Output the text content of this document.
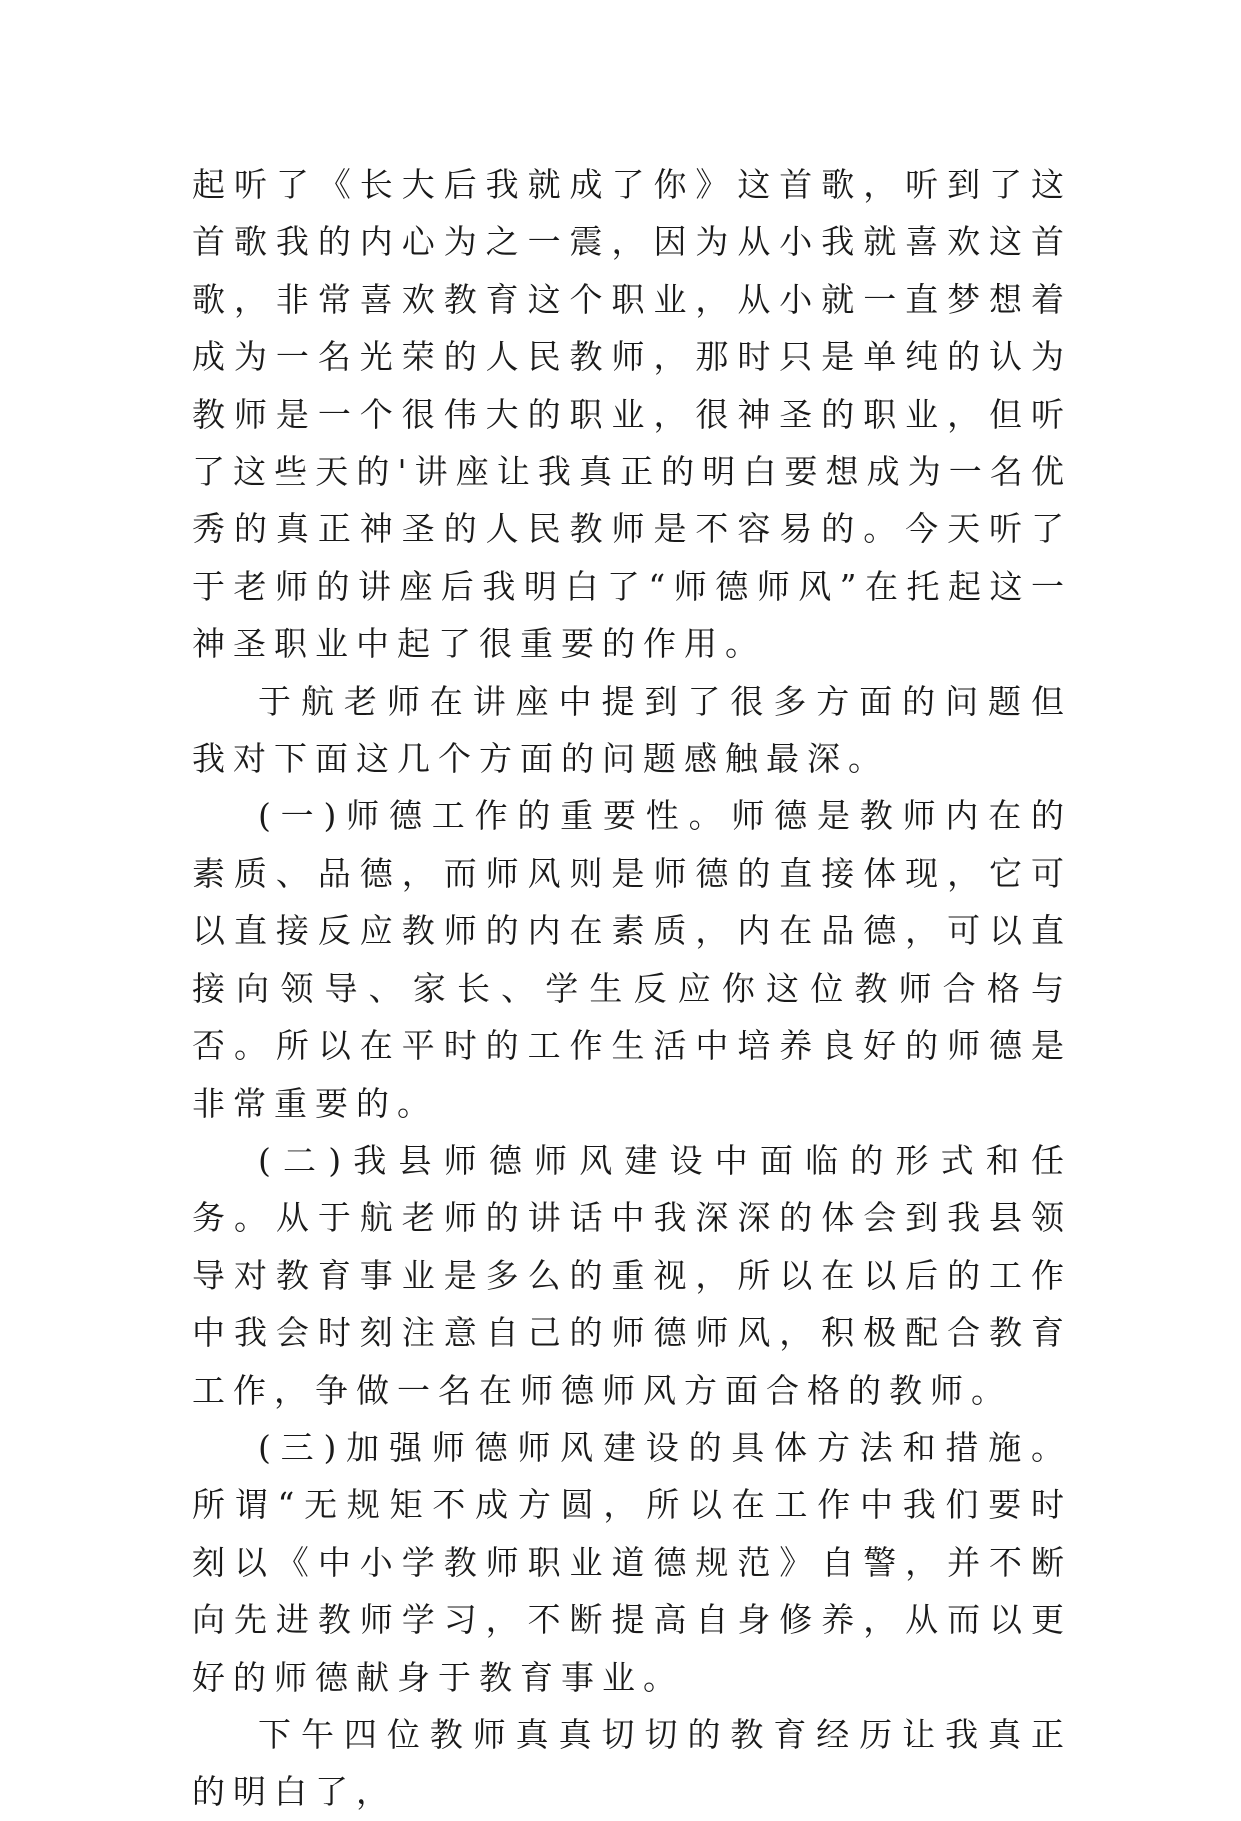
起听了《长大后我就成了你》这首歌，听到了这首歌我的内心为之一震，因为从小我就喜欢这首歌，非常喜欢教育这个职业，从小就一直梦想着成为一名光荣的人民教师，那时只是单纯的认为教师是一个很伟大的职业，很神圣的职业，但听了这些天的'讲座让我真正的明白要想成为一名优秀的真正神圣的人民教师是不容易的。今天听了于老师的讲座后我明白了“师德师风”在托起这一神圣职业中起了很重要的作用。

于航老师在讲座中提到了很多方面的问题但我对下面这几个方面的问题感触最深。

(一)师德工作的重要性。师德是教师内在的素质、品德，而师风则是师德的直接体现，它可以直接反应教师的内在素质，内在品德，可以直接向领导、家长、学生反应你这位教师合格与否。所以在平时的工作生活中培养良好的师德是非常重要的。

(二)我县师德师风建设中面临的形式和任务。从于航老师的讲话中我深深的体会到我县领导对教育事业是多么的重视，所以在以后的工作中我会时刻注意自己的师德师风，积极配合教育工作，争做一名在师德师风方面合格的教师。

(三)加强师德师风建设的具体方法和措施。所谓“无规矩不成方圆，所以在工作中我们要时刻以《中小学教师职业道德规范》自警，并不断向先进教师学习，不断提高自身修养，从而以更好的师德献身于教育事业。

下午四位教师真真切切的教育经历让我真正的明白了，
